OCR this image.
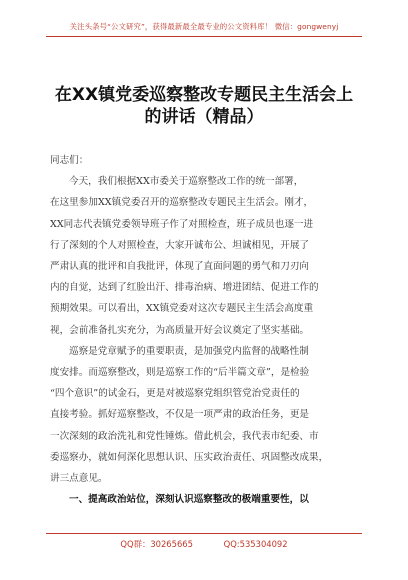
关注头条号“公文研究”，获得最新最全最专业的公文资料库！ 微信：gongwenyj
在XX镇党委巡察整改专题民主生活会上
的讲话（精品）

同志们：

今天，我们根据XX市委关于巡察整改工作的统一部署，

在这里参加XX镇党委召开的巡察整改专题民主生活会。刚才，

XX同志代表镇党委领导班子作了对照检查，班子成员也逐一进

行了深刻的个人对照检查，大家开诚布公、坦诚相见，开展了

严肃认真的批评和自我批评，体现了直面问题的勇气和刀刃向

内的自觉，达到了红脸出汗、排毒治病、增进团结、促进工作的

预期效果。可以看出，XX镇党委对这次专题民主生活会高度重

视，会前准备扎实充分，为高质量开好会议奠定了坚实基础。

巡察是党章赋予的重要职责，是加强党内监督的战略性制

度安排。而巡察整改，则是巡察工作的“后半篇文章”，是检验

“四个意识”的试金石，更是对被巡察党组织管党治党责任的

直接考验。抓好巡察整改，不仅是一项严肃的政治任务，更是

一次深刻的政治洗礼和党性锤炼。借此机会，我代表市纪委、市

委巡察办，就如何深化思想认识、压实政治责任、巩固整改成果，

讲三点意见。

一、提高政治站位，深刻认识巡察整改的极端重要性，以

QQ群：30265665	QQ:535304092
